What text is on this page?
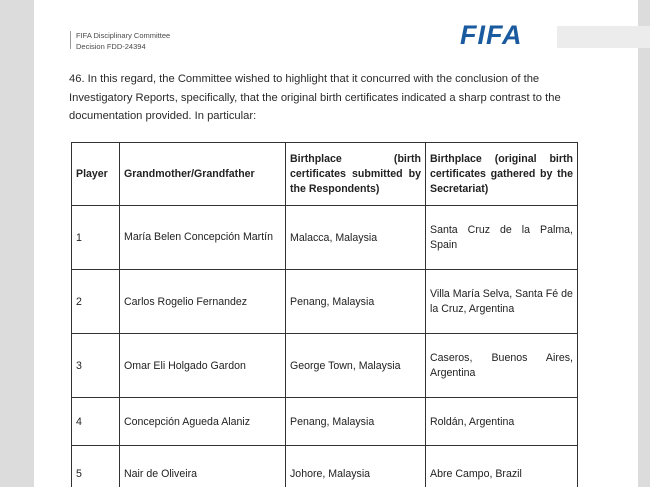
FIFA Disciplinary Committee
Decision FDD-24394	FIFA
46. In this regard, the Committee wished to highlight that it concurred with the conclusion of the Investigatory Reports, specifically, that the original birth certificates indicated a sharp contrast to the documentation provided. In particular:
Player	Grandmother/Grandfather	Birthplace (birth certificates submitted by the Respondents)	Birthplace (original birth certificates gathered by the Secretariat)

1	María Belen Concepción Martín	Malacca, Malaysia	Santa Cruz de la Palma, Spain

2	Carlos Rogelio Fernandez	Penang, Malaysia	Villa María Selva, Santa Fé de la Cruz, Argentina
3	Omar Eli Holgado Gardon	George Town, Malaysia	Caseros, Buenos Aires, Argentina

4	Concepción Agueda Alaniz	Penang, Malaysia	Roldán, Argentina
5	Nair de Oliveira	Johore, Malaysia	Abre Campo, Brazil
